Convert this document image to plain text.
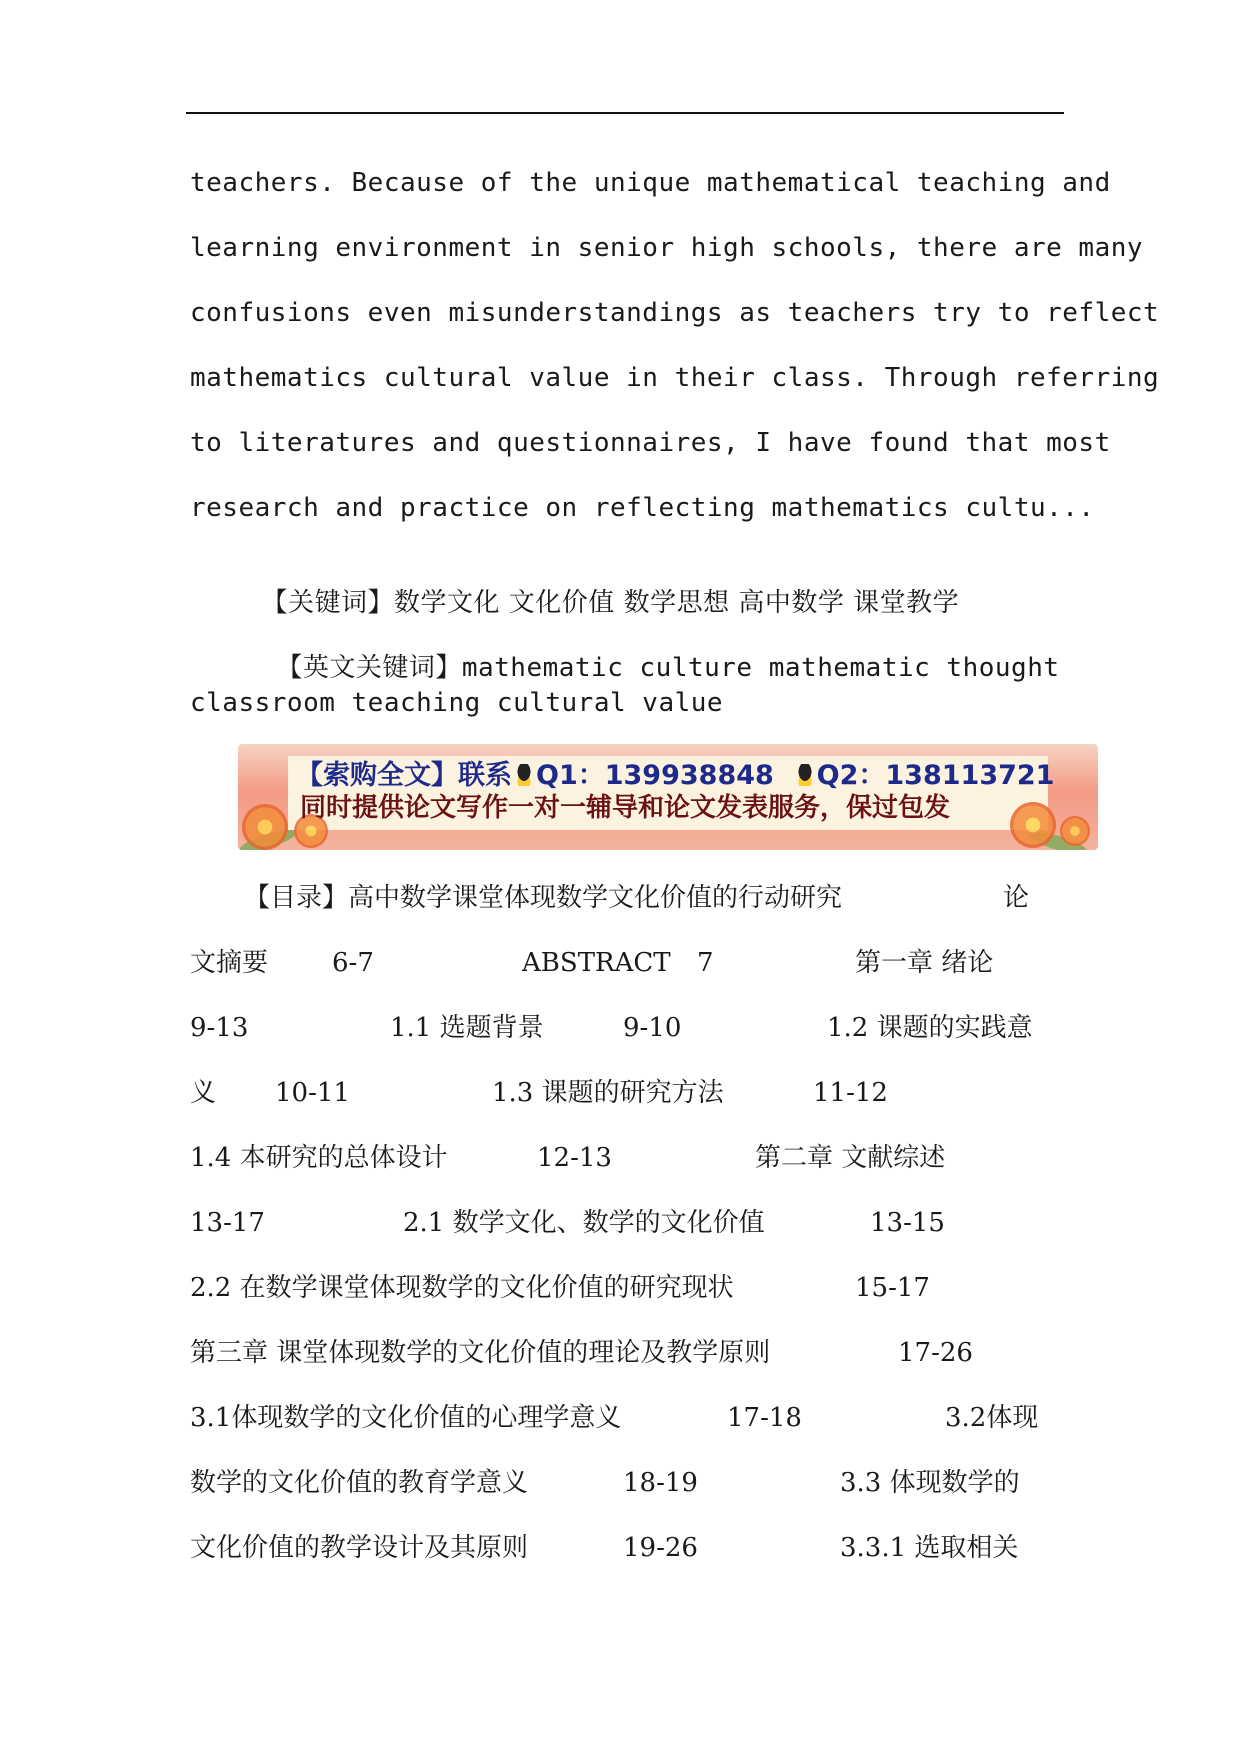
teachers. Because of the unique mathematical teaching and
learning environment in senior high schools, there are many
confusions even misunderstandings as teachers try to reflect
mathematics cultural value in their class. Through referring
to literatures and questionnaires, I have found that most
research and practice on reflecting mathematics cultu...

【关键词】数学文化 文化价值 数学思想 高中数学 课堂教学

【英文关键词】mathematic culture mathematic thought

classroom teaching cultural value
【索购全文】联系 Q1：139938848 Q2：138113721
同时提供论文写作一对一辅导和论文发表服务，保过包发
【目录】高中数学课堂体现数学文化价值的行动研究	论
文摘要 6-7	ABSTRACT 7	第一章 绪论
9-13	1.1 选题背景	9-10	1.2 课题的实践意
义 10-11	1.3 课题的研究方法	11-12
1.4 本研究的总体设计	12-13	第二章 文献综述
13-17	2.1 数学文化、数学的文化价值	13-15
2.2 在数学课堂体现数学的文化价值的研究现状	15-17
第三章 课堂体现数学的文化价值的理论及教学原则	17-26
3.1体现数学的文化价值的心理学意义	17-18	3.2体现
数学的文化价值的教育学意义	18-19	3.3 体现数学的
文化价值的教学设计及其原则	19-26	3.3.1 选取相关
